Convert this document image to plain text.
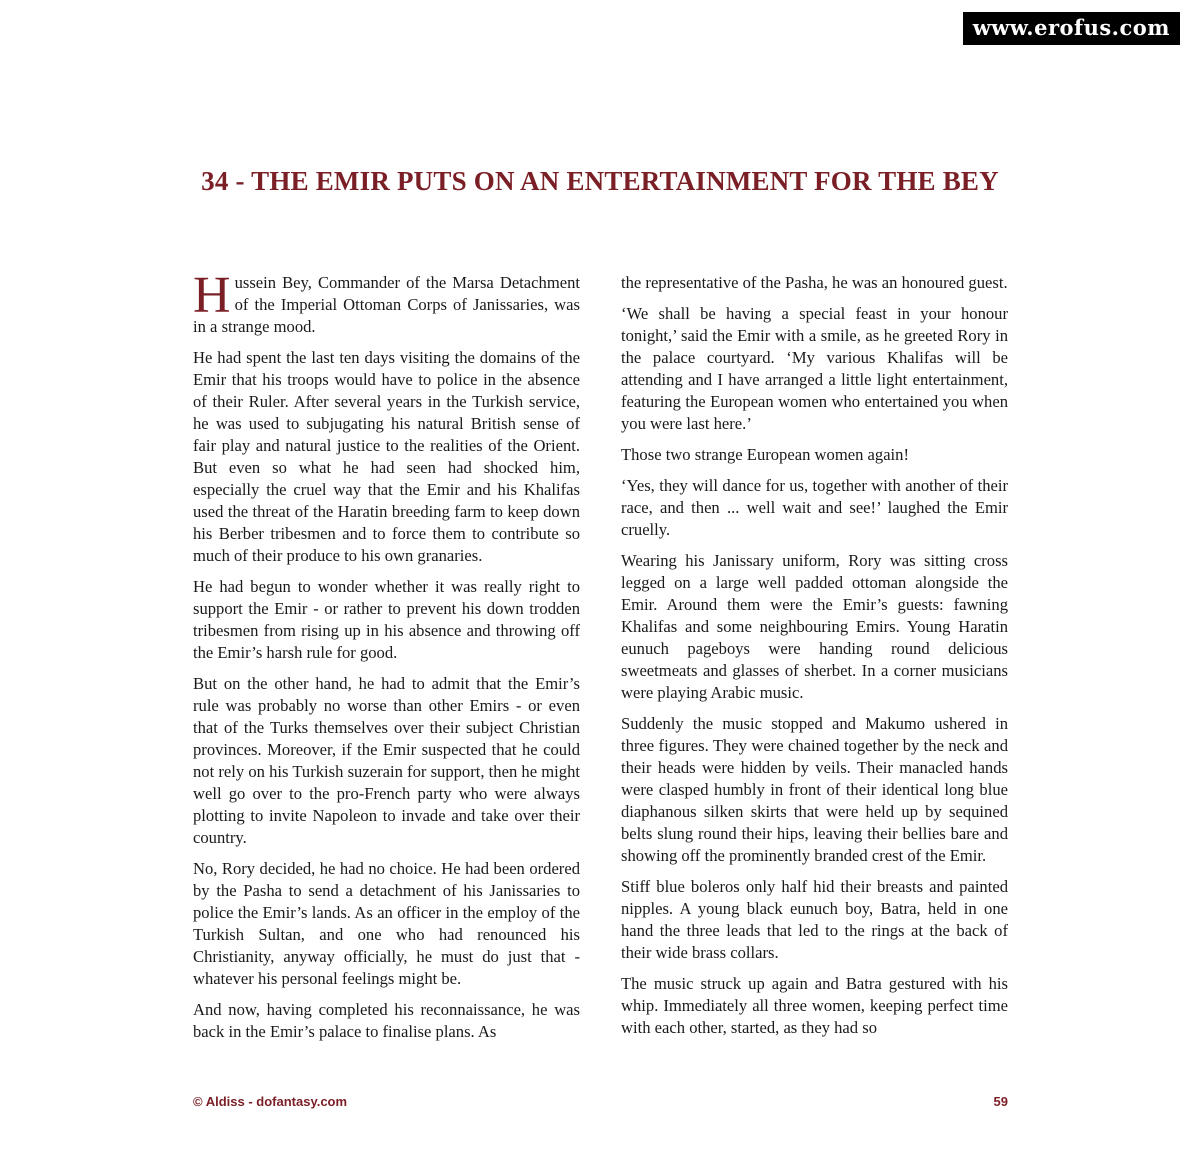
www.erofus.com
34 - THE EMIR PUTS ON AN ENTERTAINMENT FOR THE BEY

Hussein Bey, Commander of the Marsa Detachment of the Imperial Ottoman Corps of Janissaries, was in a strange mood.

He had spent the last ten days visiting the domains of the Emir that his troops would have to police in the absence of their Ruler. After several years in the Turkish service, he was used to subjugating his natural British sense of fair play and natural justice to the realities of the Orient. But even so what he had seen had shocked him, especially the cruel way that the Emir and his Khalifas used the threat of the Haratin breeding farm to keep down his Berber tribesmen and to force them to contribute so much of their produce to his own granaries.

He had begun to wonder whether it was really right to support the Emir - or rather to prevent his down trodden tribesmen from rising up in his absence and throwing off the Emir’s harsh rule for good.

But on the other hand, he had to admit that the Emir’s rule was probably no worse than other Emirs - or even that of the Turks themselves over their subject Christian provinces. Moreover, if the Emir suspected that he could not rely on his Turkish suzerain for support, then he might well go over to the pro-French party who were always plotting to invite Napoleon to invade and take over their country.

No, Rory decided, he had no choice. He had been ordered by the Pasha to send a detachment of his Janissaries to police the Emir’s lands. As an officer in the employ of the Turkish Sultan, and one who had renounced his Christianity, anyway officially, he must do just that - whatever his personal feelings might be.

And now, having completed his reconnaissance, he was back in the Emir’s palace to finalise plans. As

the representative of the Pasha, he was an honoured guest.

‘We shall be having a special feast in your honour tonight,’ said the Emir with a smile, as he greeted Rory in the palace courtyard. ‘My various Khalifas will be attending and I have arranged a little light entertainment, featuring the European women who entertained you when you were last here.’

Those two strange European women again!

‘Yes, they will dance for us, together with another of their race, and then ... well wait and see!’ laughed the Emir cruelly.

Wearing his Janissary uniform, Rory was sitting cross legged on a large well padded ottoman alongside the Emir. Around them were the Emir’s guests: fawning Khalifas and some neighbouring Emirs. Young Haratin eunuch pageboys were handing round delicious sweetmeats and glasses of sherbet. In a corner musicians were playing Arabic music.

Suddenly the music stopped and Makumo ushered in three figures. They were chained together by the neck and their heads were hidden by veils. Their manacled hands were clasped humbly in front of their identical long blue diaphanous silken skirts that were held up by sequined belts slung round their hips, leaving their bellies bare and showing off the prominently branded crest of the Emir.

Stiff blue boleros only half hid their breasts and painted nipples. A young black eunuch boy, Batra, held in one hand the three leads that led to the rings at the back of their wide brass collars.

The music struck up again and Batra gestured with his whip. Immediately all three women, keeping perfect time with each other, started, as they had so

© Aldiss - dofantasy.com	59
